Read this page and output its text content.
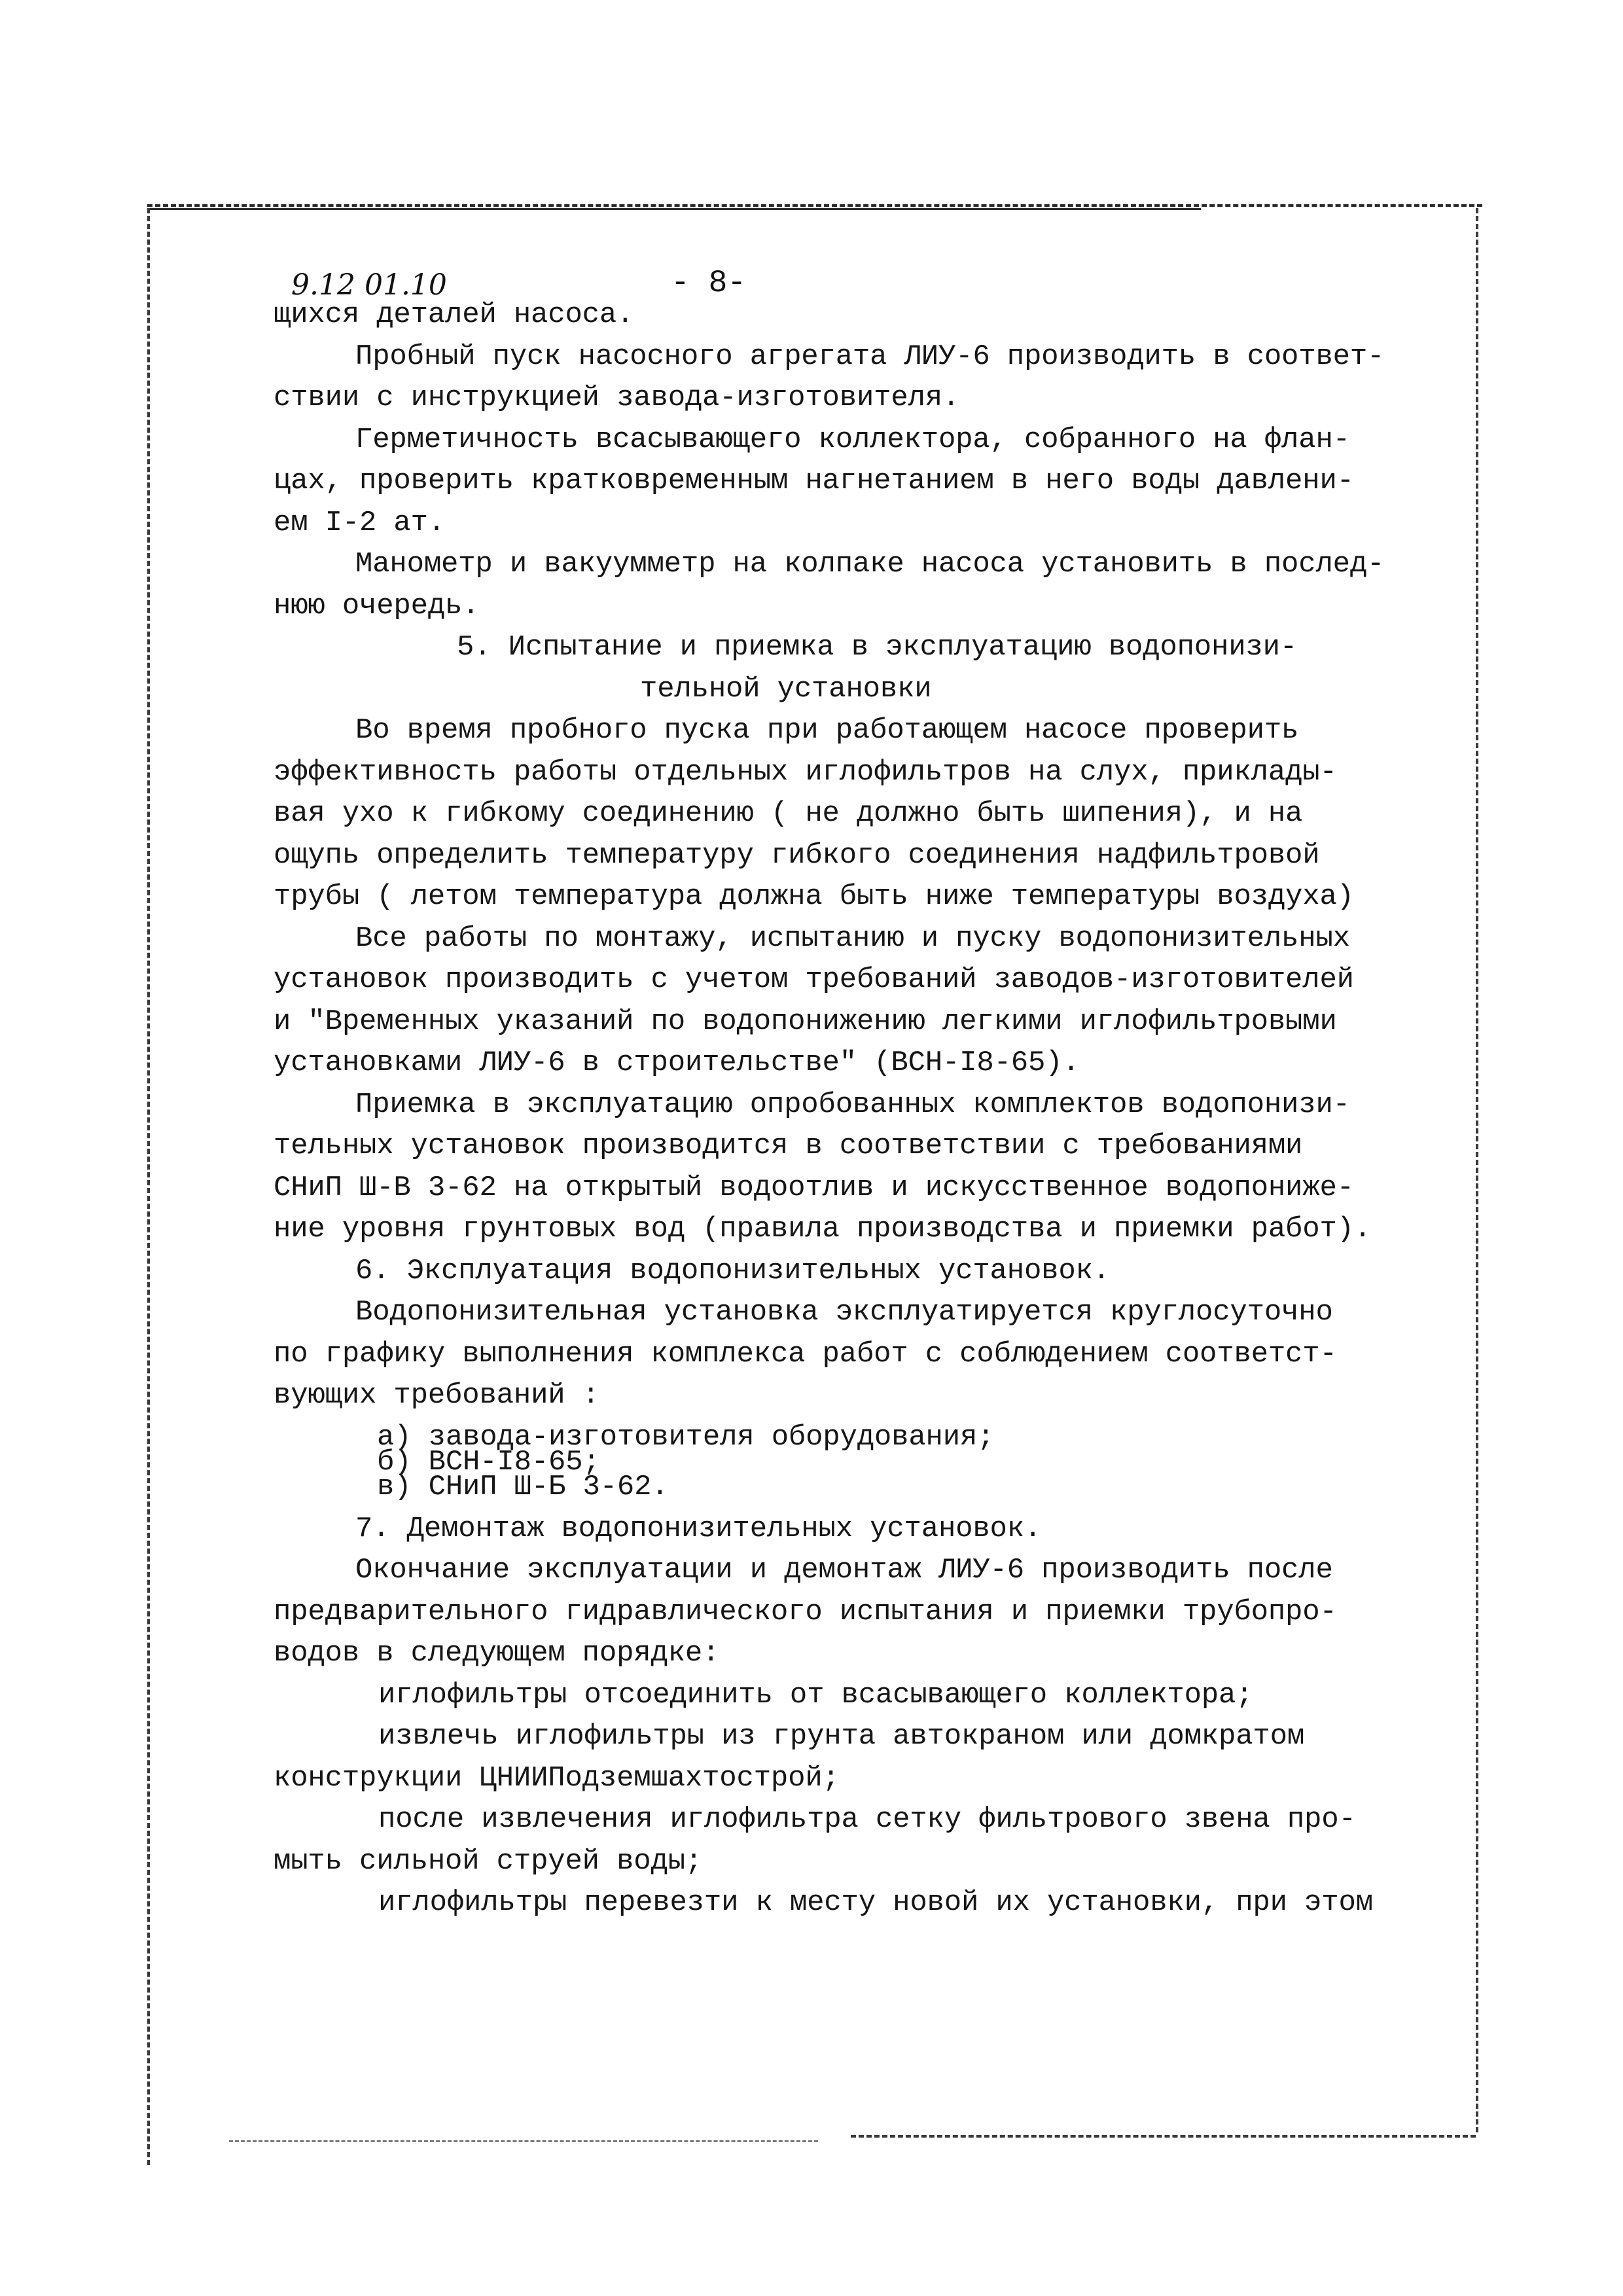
9.12 01.10	- 8-
щихся деталей насоса.
Пробный пуск насосного агрегата ЛИУ-6 производить в соответ-
ствии с инструкцией завода-изготовителя.
Герметичность всасывающего коллектора, собранного на флан-
цах, проверить кратковременным нагнетанием в него воды давлени-
ем I-2 ат.
Манометр и вакуумметр на колпаке насоса установить в послед-
нюю очередь.
5. Испытание и приемка в эксплуатацию водопонизи-
тельной установки
Во время пробного пуска при работающем насосе проверить
эффективность работы отдельных иглофильтров на слух, приклады-
вая ухо к гибкому соединению ( не должно быть шипения), и на
ощупь определить температуру гибкого соединения надфильтровой
трубы ( летом температура должна быть ниже температуры воздуха)
Все работы по монтажу, испытанию и пуску водопонизительных
установок производить с учетом требований заводов-изготовителей
и "Временных указаний по водопонижению легкими иглофильтровыми
установками ЛИУ-6 в строительстве" (ВСН-I8-65).
Приемка в эксплуатацию опробованных комплектов водопонизи-
тельных установок производится в соответствии с требованиями
СНиП Ш-В 3-62 на открытый водоотлив и искусственное водопониже-
ние уровня грунтовых вод (правила производства и приемки работ).
6. Эксплуатация водопонизительных установок.
Водопонизительная установка эксплуатируется круглосуточно
по графику выполнения комплекса работ с соблюдением соответст-
вующих требований :
а) завода-изготовителя оборудования;
б) ВСН-I8-65;
в) СНиП Ш-Б 3-62.
7. Демонтаж водопонизительных установок.
Окончание эксплуатации и демонтаж ЛИУ-6 производить после
предварительного гидравлического испытания и приемки трубопро-
водов в следующем порядке:
иглофильтры отсоединить от всасывающего коллектора;
извлечь иглофильтры из грунта автокраном или домкратом
конструкции ЦНИИПодземшахтострой;
после извлечения иглофильтра сетку фильтрового звена про-
мыть сильной струей воды;
иглофильтры перевезти к месту новой их установки, при этом
